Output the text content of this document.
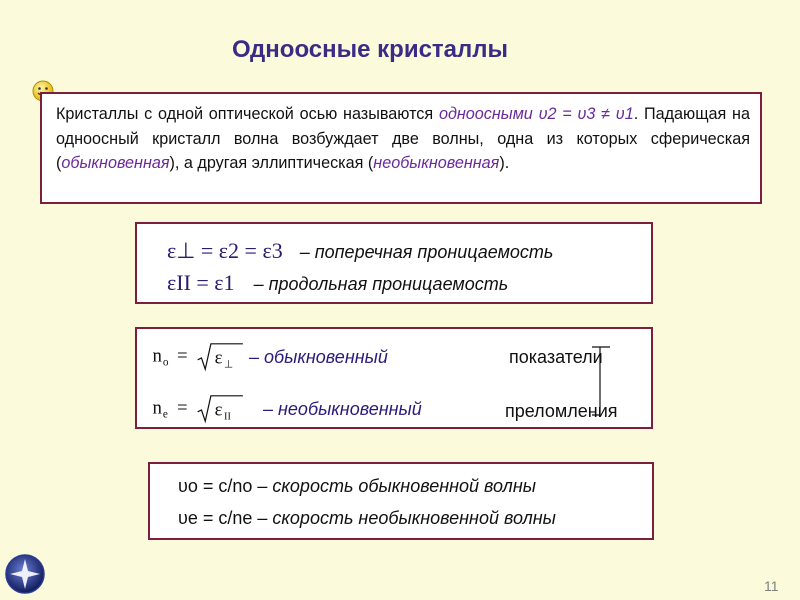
Одноосные кристаллы
Кристаллы с одной оптической осью называются одноосными υ2 = υ3 ≠ υ1. Падающая на одноосный кристалл волна возбуждает две волны, одна из которых сферическая (обыкновенная), а другая эллиптическая (необыкновенная).
ε⊥ = ε2 = ε3 – поперечная проницаемость
εII = ε1 – продольная проницаемость
n o = ε ⊥ – обыкновенный
n e = ε II – необыкновенный
показатели
преломления
υo = c/no – скорость обыкновенной волны
υe = c/ne – скорость необыкновенной волны
11
